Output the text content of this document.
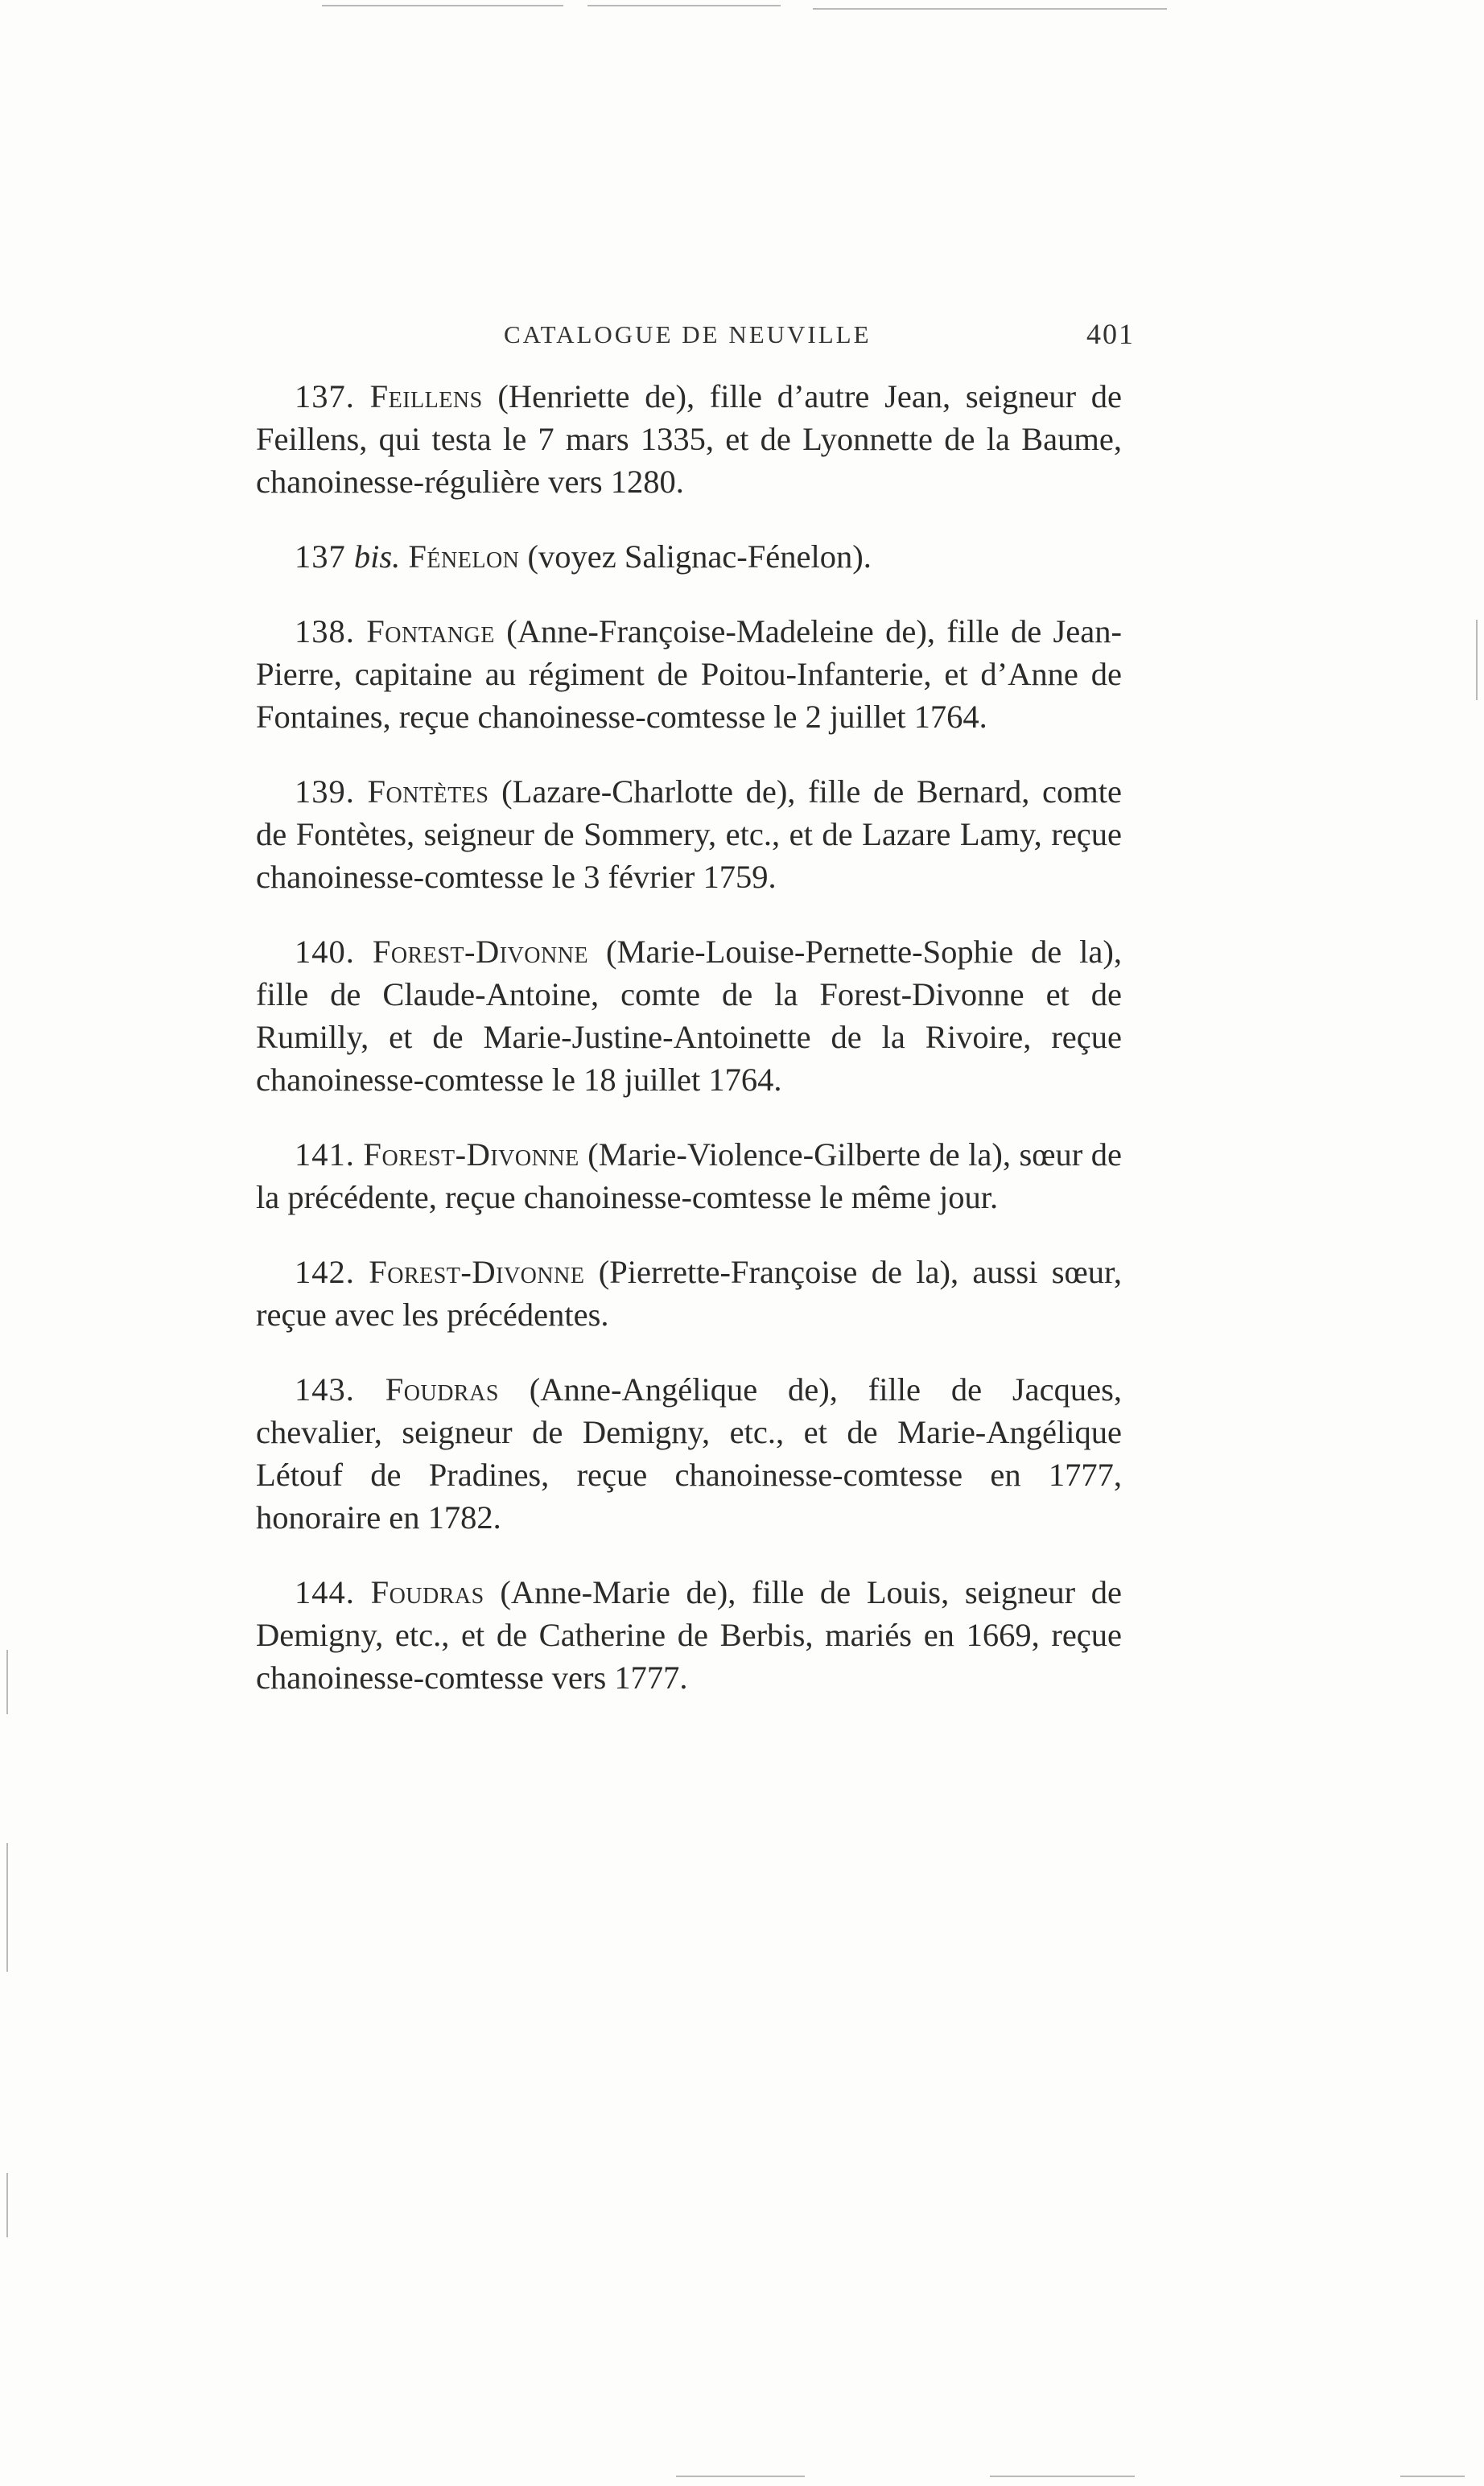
CATALOGUE DE NEUVILLE	401

137. Feillens (Henriette de), fille d’autre Jean, seigneur de Feillens, qui testa le 7 mars 1335, et de Lyonnette de la Baume, chanoinesse-régulière vers 1280.

137 bis. Fénelon (voyez Salignac-Fénelon).

138. Fontange (Anne-Françoise-Madeleine de), fille de Jean-Pierre, capitaine au régiment de Poitou-Infanterie, et d’Anne de Fontaines, reçue chanoinesse-comtesse le 2 juillet 1764.

139. Fontètes (Lazare-Charlotte de), fille de Bernard, comte de Fontètes, seigneur de Sommery, etc., et de Lazare Lamy, reçue chanoinesse-comtesse le 3 février 1759.

140. Forest-Divonne (Marie-Louise-Pernette-Sophie de la), fille de Claude-Antoine, comte de la Forest-Divonne et de Rumilly, et de Marie-Justine-Antoinette de la Rivoire, reçue chanoinesse-comtesse le 18 juillet 1764.

141. Forest-Divonne (Marie-Violence-Gilberte de la), sœur de la précédente, reçue chanoinesse-comtesse le même jour.

142. Forest-Divonne (Pierrette-Françoise de la), aussi sœur, reçue avec les précédentes.

143. Foudras (Anne-Angélique de), fille de Jacques, chevalier, seigneur de Demigny, etc., et de Marie-Angélique Létouf de Pradines, reçue chanoinesse-comtesse en 1777, honoraire en 1782.

144. Foudras (Anne-Marie de), fille de Louis, seigneur de Demigny, etc., et de Catherine de Berbis, mariés en 1669, reçue chanoinesse-comtesse vers 1777.
